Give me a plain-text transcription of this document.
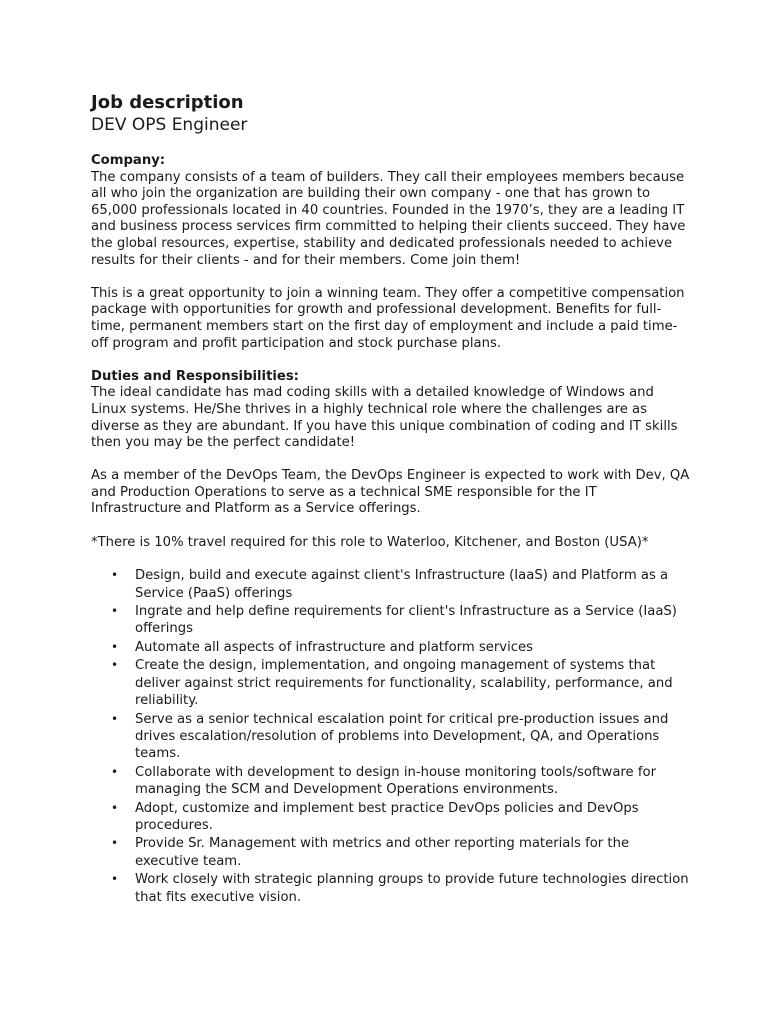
Job description
DEV OPS Engineer
Company:

The company consists of a team of builders. They call their employees members because all who join the organization are building their own company - one that has grown to 65,000 professionals located in 40 countries. Founded in the 1970’s, they are a leading IT and business process services firm committed to helping their clients succeed. They have the global resources, expertise, stability and dedicated professionals needed to achieve results for their clients - and for their members. Come join them!

This is a great opportunity to join a winning team. They offer a competitive compensation package with opportunities for growth and professional development. Benefits for full-time, permanent members start on the first day of employment and include a paid time-off program and profit participation and stock purchase plans.

Duties and Responsibilities:

The ideal candidate has mad coding skills with a detailed knowledge of Windows and Linux systems. He/She thrives in a highly technical role where the challenges are as diverse as they are abundant. If you have this unique combination of coding and IT skills then you may be the perfect candidate!

As a member of the DevOps Team, the DevOps Engineer is expected to work with Dev, QA and Production Operations to serve as a technical SME responsible for the IT Infrastructure and Platform as a Service offerings.

*There is 10% travel required for this role to Waterloo, Kitchener, and Boston (USA)*

• Design, build and execute against client's Infrastructure (IaaS) and Platform as a Service (PaaS) offerings
• Ingrate and help define requirements for client's Infrastructure as a Service (IaaS) offerings
• Automate all aspects of infrastructure and platform services
• Create the design, implementation, and ongoing management of systems that deliver against strict requirements for functionality, scalability, performance, and reliability.
• Serve as a senior technical escalation point for critical pre-production issues and drives escalation/resolution of problems into Development, QA, and Operations teams.
• Collaborate with development to design in-house monitoring tools/software for managing the SCM and Development Operations environments.
• Adopt, customize and implement best practice DevOps policies and DevOps procedures.
• Provide Sr. Management with metrics and other reporting materials for the executive team.
• Work closely with strategic planning groups to provide future technologies direction that fits executive vision.
